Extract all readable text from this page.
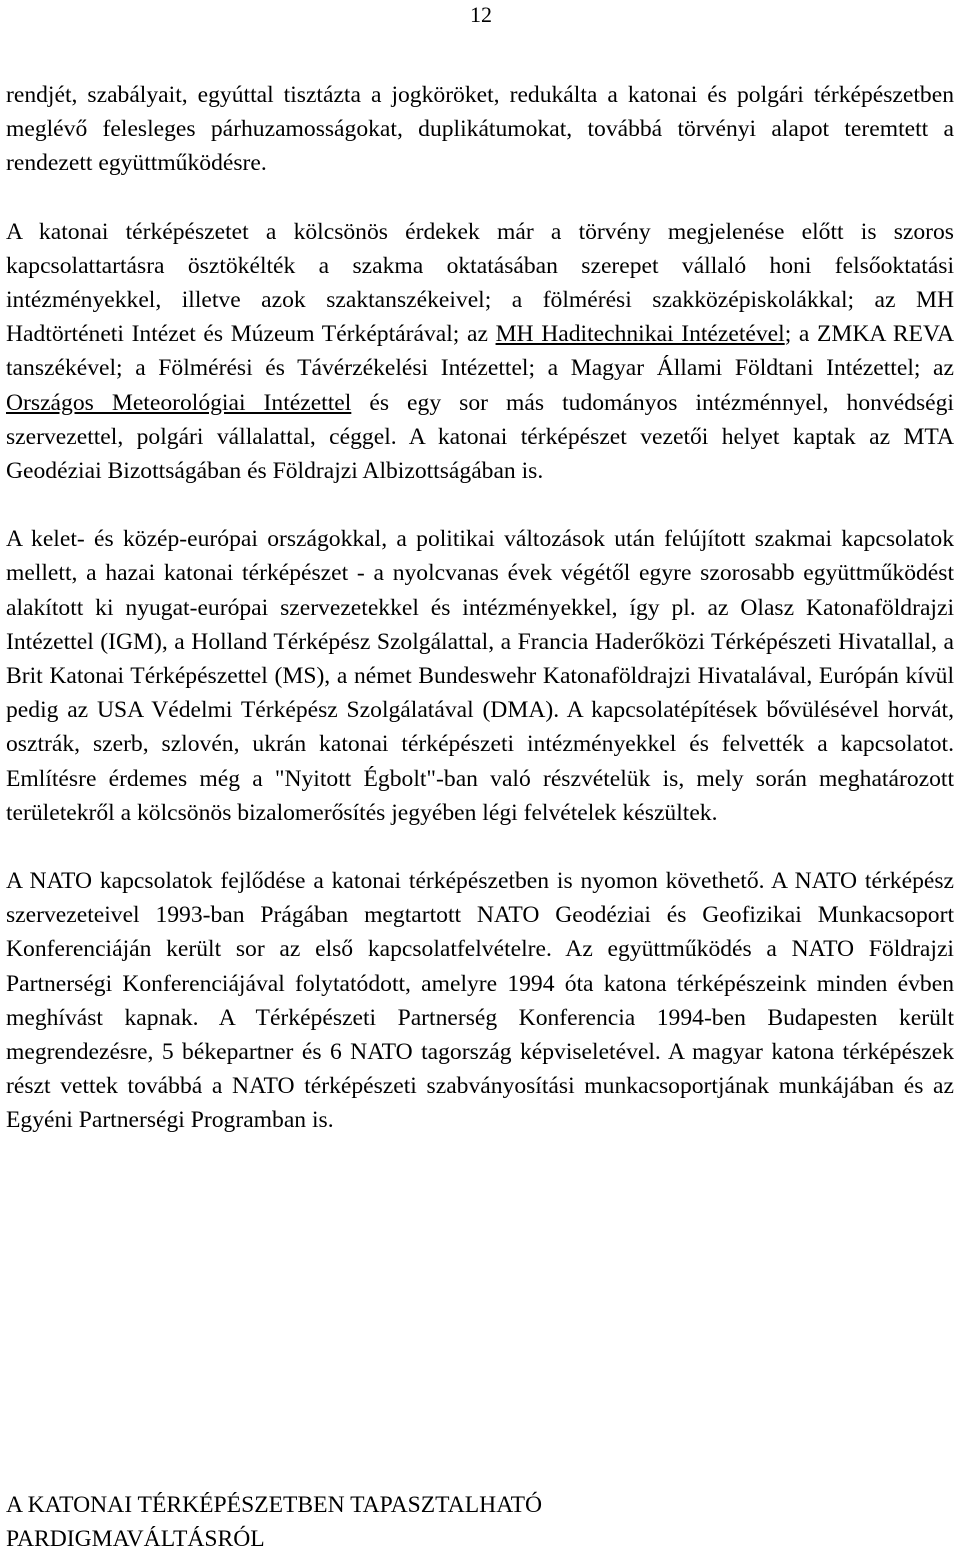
12

rendjét, szabályait, egyúttal tisztázta a jogköröket, redukálta a katonai és polgári térképészetben meglévő felesleges párhuzamosságokat, duplikátumokat, továbbá törvényi alapot teremtett a rendezett együttműködésre.

A katonai térképészetet a kölcsönös érdekek már a törvény megjelenése előtt is szoros kapcsolattartásra ösztökélték a szakma oktatásában szerepet vállaló honi felsőoktatási intézményekkel, illetve azok szaktanszékeivel; a fölmérési szakközépiskolákkal; az MH Hadtörténeti Intézet és Múzeum Térképtárával; az MH Haditechnikai Intézetével; a ZMKA REVA tanszékével; a Fölmérési és Távérzékelési Intézettel; a Magyar Állami Földtani Intézettel; az Országos Meteorológiai Intézettel és egy sor más tudományos intézménnyel, honvédségi szervezettel, polgári vállalattal, céggel. A katonai térképészet vezetői helyet kaptak az MTA Geodéziai Bizottságában és Földrajzi Albizottságában is.

A kelet- és közép-európai országokkal, a politikai változások után felújított szakmai kapcsolatok mellett, a hazai katonai térképészet - a nyolcvanas évek végétől egyre szorosabb együttműködést alakított ki nyugat-európai szervezetekkel és intézményekkel, így pl. az Olasz Katonaföldrajzi Intézettel (IGM), a Holland Térképész Szolgálattal, a Francia Haderőközi Térképészeti Hivatallal, a Brit Katonai Térképészettel (MS), a német Bundeswehr Katonaföldrajzi Hivatalával, Európán kívül pedig az USA Védelmi Térképész Szolgálatával (DMA). A kapcsolatépítések bővülésével horvát, osztrák, szerb, szlovén, ukrán katonai térképészeti intézményekkel és felvették a kapcsolatot. Említésre érdemes még a "Nyitott Égbolt"-ban való részvételük is, mely során meghatározott területekről a kölcsönös bizalomerősítés jegyében légi felvételek készültek.

A NATO kapcsolatok fejlődése a katonai térképészetben is nyomon követhető. A NATO térképész szervezeteivel 1993-ban Prágában megtartott NATO Geodéziai és Geofizikai Munkacsoport Konferenciáján került sor az első kapcsolatfelvételre. Az együttműködés a NATO Földrajzi Partnerségi Konferenciájával folytatódott, amelyre 1994 óta katona térképészeink minden évben meghívást kapnak. A Térképészeti Partnerség Konferencia 1994-ben Budapesten került megrendezésre, 5 békepartner és 6 NATO tagország képviseletével. A magyar katona térképészek részt vettek továbbá a NATO térképészeti szabványosítási munkacsoportjának munkájában és az Egyéni Partnerségi Programban is.

A KATONAI TÉRKÉPÉSZETBEN TAPASZTALHATÓ
PARDIGMAVÁLTÁSRÓL
